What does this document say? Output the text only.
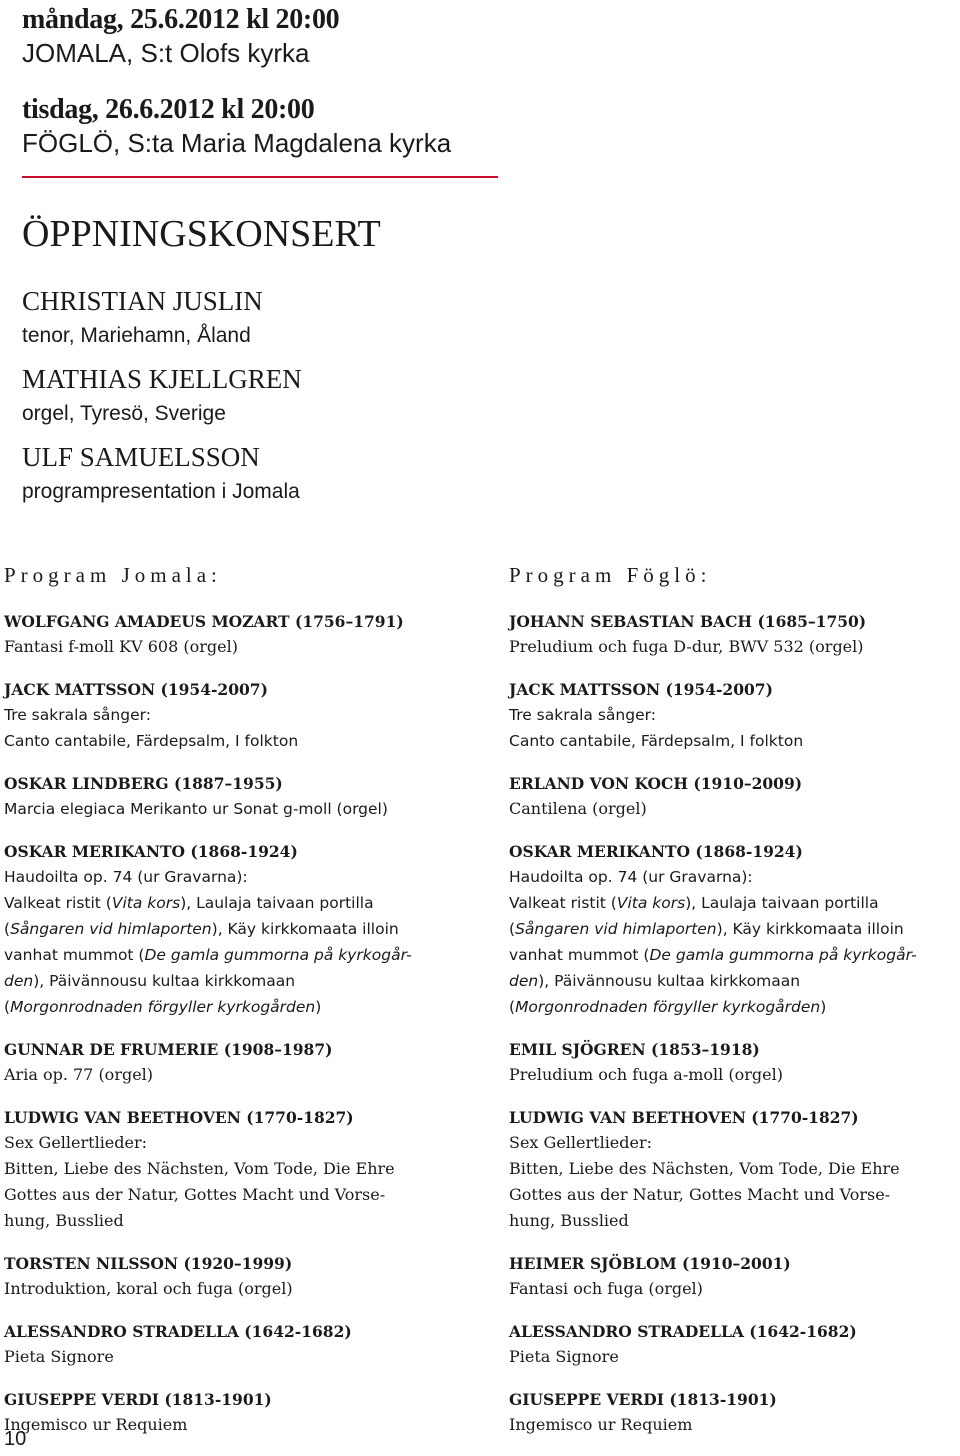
måndag, 25.6.2012 kl 20:00
JOMALA, S:t Olofs kyrka
tisdag, 26.6.2012 kl 20:00
FÖGLÖ, S:ta Maria Magdalena kyrka
ÖPPNINGSKONSERT
CHRISTIAN JUSLIN
tenor, Mariehamn, Åland
MATHIAS KJELLGREN
orgel, Tyresö, Sverige
ULF SAMUELSSON
programpresentation i Jomala
Program Jomala:
WOLFGANG AMADEUS MOZART (1756–1791)
Fantasi f-moll KV 608 (orgel)
JACK MATTSSON (1954-2007)
Tre sakrala sånger:
Canto cantabile, Färdepsalm, I folkton
OSKAR LINDBERG (1887–1955)
Marcia elegiaca Merikanto ur Sonat g-moll (orgel)
OSKAR MERIKANTO (1868-1924)
Haudoilta op. 74 (ur Gravarna):
Valkeat ristit (Vita kors), Laulaja taivaan portilla
(Sångaren vid himlaporten), Käy kirkkomaata illoin
vanhat mummot (De gamla gummorna på kyrkogår-
den), Päivännousu kultaa kirkkomaan
(Morgonrodnaden förgyller kyrkogården)
GUNNAR DE FRUMERIE (1908–1987)
Aria op. 77 (orgel)
LUDWIG VAN BEETHOVEN (1770-1827)
Sex Gellertlieder:
Bitten, Liebe des Nächsten, Vom Tode, Die Ehre
Gottes aus der Natur, Gottes Macht und Vorse-
hung, Busslied
TORSTEN NILSSON (1920–1999)
Introduktion, koral och fuga (orgel)
ALESSANDRO STRADELLA (1642-1682)
Pieta Signore
GIUSEPPE VERDI (1813-1901)
Ingemisco ur Requiem
Program Föglö:
JOHANN SEBASTIAN BACH (1685–1750)
Preludium och fuga D-dur, BWV 532 (orgel)
JACK MATTSSON (1954-2007)
Tre sakrala sånger:
Canto cantabile, Färdepsalm, I folkton
ERLAND VON KOCH (1910–2009)
Cantilena (orgel)
OSKAR MERIKANTO (1868-1924)
Haudoilta op. 74 (ur Gravarna):
Valkeat ristit (Vita kors), Laulaja taivaan portilla
(Sångaren vid himlaporten), Käy kirkkomaata illoin
vanhat mummot (De gamla gummorna på kyrkogår-
den), Päivännousu kultaa kirkkomaan
(Morgonrodnaden förgyller kyrkogården)
EMIL SJÖGREN (1853–1918)
Preludium och fuga a-moll (orgel)
LUDWIG VAN BEETHOVEN (1770-1827)
Sex Gellertlieder:
Bitten, Liebe des Nächsten, Vom Tode, Die Ehre
Gottes aus der Natur, Gottes Macht und Vorse-
hung, Busslied
HEIMER SJÖBLOM (1910–2001)
Fantasi och fuga (orgel)
ALESSANDRO STRADELLA (1642-1682)
Pieta Signore
GIUSEPPE VERDI (1813-1901)
Ingemisco ur Requiem
10
